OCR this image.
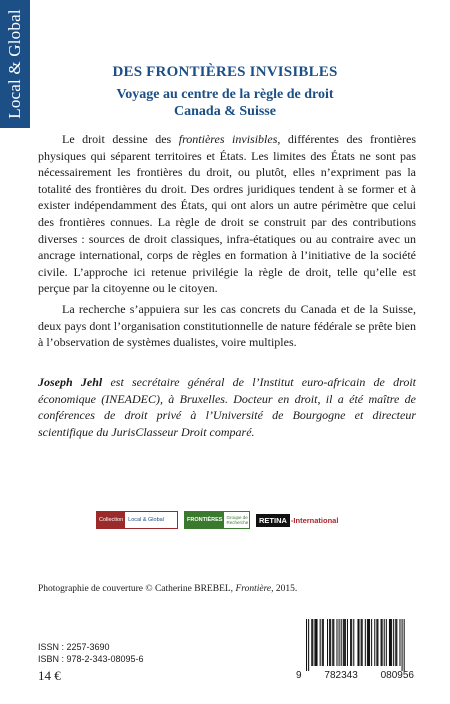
Local & Global	DES FRONTIÈRES INVISIBLES
Voyage au centre de la règle de droit
Canada & Suisse

Le droit dessine des frontières invisibles, différentes des frontières physiques qui séparent territoires et États. Les limites des États ne sont pas nécessairement les frontières du droit, ou plutôt, elles n’expriment pas la totalité des frontières du droit. Des ordres juridiques tendent à se former et à exister indépendamment des États, qui ont alors un autre périmètre que celui des frontières connues. La règle de droit se construit par des contributions diverses : sources de droit classiques, infra-étatiques ou au contraire avec un ancrage international, corps de règles en formation à l’initiative de la société civile. L’approche ici retenue privilégie la règle de droit, telle qu’elle est perçue par la citoyenne ou le citoyen.

La recherche s’appuiera sur les cas concrets du Canada et de la Suisse, deux pays dont l’organisation constitutionnelle de nature fédérale se prête bien à l’observation de systèmes dualistes, voire multiples.

Joseph Jehl est secrétaire général de l’Institut euro-africain de droit économique (INEADEC), à Bruxelles. Docteur en droit, il a été maître de conférences de droit privé à l’Université de Bourgogne et directeur scientifique du JurisClasseur Droit comparé.

Collection Local & Global	FRONTIÈRES Groupe de Recherche	RETINA -International

Photographie de couverture © Catherine BREBEL, Frontière, 2015.

ISSN : 2257-3690
ISBN : 978-2-343-08095-6
14 €	9 782343 080956
